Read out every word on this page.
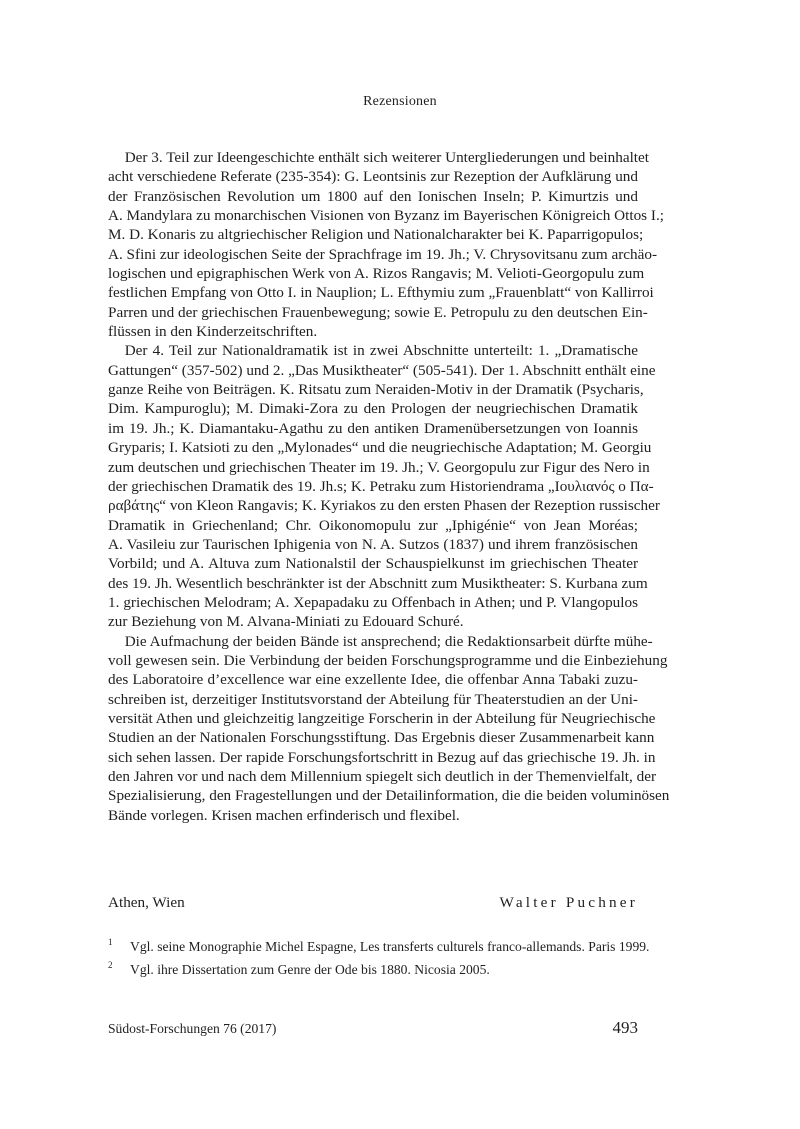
Rezensionen
Der 3. Teil zur Ideengeschichte enthält sich weiterer Untergliederungen und beinhaltet
acht verschiedene Referate (235-354): G. Leontsinis zur Rezeption der Aufklärung und
der Französischen Revolution um 1800 auf den Ionischen Inseln; P. Kimurtzis und
A. Mandylara zu monarchischen Visionen von Byzanz im Bayerischen Königreich Ottos I.;
M. D. Konaris zu altgriechischer Religion und Nationalcharakter bei K. Paparrigopulos;
A. Sfini zur ideologischen Seite der Sprachfrage im 19. Jh.; V. Chrysovitsanu zum archäo-
logischen und epigraphischen Werk von A. Rizos Rangavis; M. Velioti-Georgopulu zum
festlichen Empfang von Otto I. in Nauplion; L. Efthymiu zum „Frauenblatt“ von Kallirroi
Parren und der griechischen Frauenbewegung; sowie E. Petropulu zu den deutschen Ein-
flüssen in den Kinderzeitschriften.
Der 4. Teil zur Nationaldramatik ist in zwei Abschnitte unterteilt: 1. „Dramatische
Gattungen“ (357-502) und 2. „Das Musiktheater“ (505-541). Der 1. Abschnitt enthält eine
ganze Reihe von Beiträgen. K. Ritsatu zum Neraiden-Motiv in der Dramatik (Psycharis,
Dim. Kampuroglu); M. Dimaki-Zora zu den Prologen der neugriechischen Dramatik
im 19. Jh.; K. Diamantaku-Agathu zu den antiken Dramenübersetzungen von Ioannis
Gryparis; I. Katsioti zu den „Mylonades“ und die neugriechische Adaptation; M. Georgiu
zum deutschen und griechischen Theater im 19. Jh.; V. Georgopulu zur Figur des Nero in
der griechischen Dramatik des 19. Jh.s; K. Petraku zum Historiendrama „Ιουλιανός ο Πα-
ραβάτης“ von Kleon Rangavis; K. Kyriakos zu den ersten Phasen der Rezeption russischer
Dramatik in Griechenland; Chr. Oikonomopulu zur „Iphigénie“ von Jean Moréas;
A. Vasileiu zur Taurischen Iphigenia von N. A. Sutzos (1837) und ihrem französischen
Vorbild; und A. Altuva zum Nationalstil der Schauspielkunst im griechischen Theater
des 19. Jh. Wesentlich beschränkter ist der Abschnitt zum Musiktheater: S. Kurbana zum
1. griechischen Melodram; A. Xepapadaku zu Offenbach in Athen; und P. Vlangopulos
zur Beziehung von M. Alvana-Miniati zu Edouard Schuré.
Die Aufmachung der beiden Bände ist ansprechend; die Redaktionsarbeit dürfte mühe-
voll gewesen sein. Die Verbindung der beiden Forschungsprogramme und die Einbeziehung
des Laboratoire d’excellence war eine exzellente Idee, die offenbar Anna Tabaki zuzu-
schreiben ist, derzeitiger Institutsvorstand der Abteilung für Theaterstudien an der Uni-
versität Athen und gleichzeitig langzeitige Forscherin in der Abteilung für Neugriechische
Studien an der Nationalen Forschungsstiftung. Das Ergebnis dieser Zusammenarbeit kann
sich sehen lassen. Der rapide Forschungsfortschritt in Bezug auf das griechische 19. Jh. in
den Jahren vor und nach dem Millennium spiegelt sich deutlich in der Themenvielfalt, der
Spezialisierung, den Fragestellungen und der Detailinformation, die die beiden voluminösen
Bände vorlegen. Krisen machen erfinderisch und flexibel.
Athen, Wien	Walter Puchner
1	Vgl. seine Monographie Michel Espagne, Les transferts culturels franco-allemands. Paris 1999.
2	Vgl. ihre Dissertation zum Genre der Ode bis 1880. Nicosia 2005.
Südost-Forschungen 76 (2017)	493
